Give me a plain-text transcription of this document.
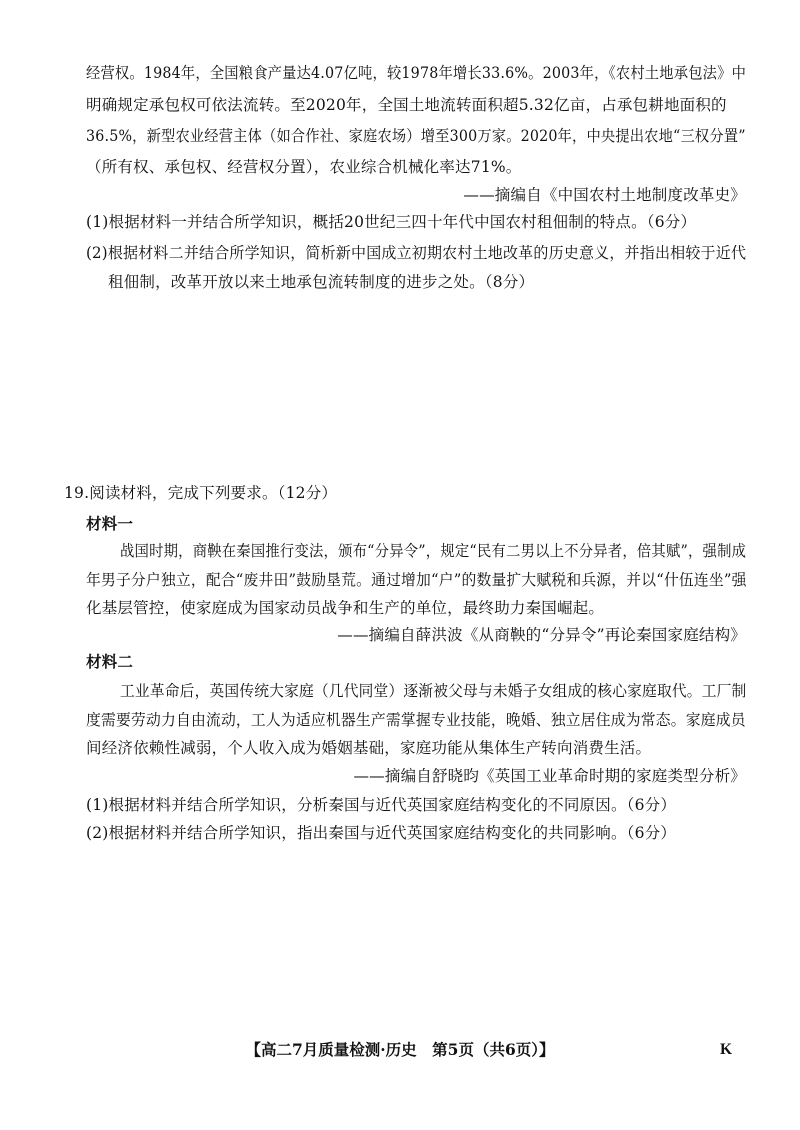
经营权。1984年，全国粮食产量达4.07亿吨，较1978年增长33.6%。2003年，《农村土地承包法》中
明确规定承包权可依法流转。至2020年，全国土地流转面积超5.32亿亩，占承包耕地面积的
36.5%，新型农业经营主体（如合作社、家庭农场）增至300万家。2020年，中央提出农地“三权分置”
（所有权、承包权、经营权分置），农业综合机械化率达71%。
——摘编自《中国农村土地制度改革史》
(1)根据材料一并结合所学知识，概括20世纪三四十年代中国农村租佃制的特点。（6分）
(2)根据材料二并结合所学知识，简析新中国成立初期农村土地改革的历史意义，并指出相较于近代
租佃制，改革开放以来土地承包流转制度的进步之处。（8分）
19.阅读材料，完成下列要求。（12分）
材料一
战国时期，商鞅在秦国推行变法，颁布“分异令”，规定“民有二男以上不分异者，倍其赋”，强制成
年男子分户独立，配合“废井田”鼓励垦荒。通过增加“户”的数量扩大赋税和兵源，并以“什伍连坐”强
化基层管控，使家庭成为国家动员战争和生产的单位，最终助力秦国崛起。
——摘编自薛洪波《从商鞅的“分异令”再论秦国家庭结构》
材料二
工业革命后，英国传统大家庭（几代同堂）逐渐被父母与未婚子女组成的核心家庭取代。工厂制
度需要劳动力自由流动，工人为适应机器生产需掌握专业技能，晚婚、独立居住成为常态。家庭成员
间经济依赖性减弱，个人收入成为婚姻基础，家庭功能从集体生产转向消费生活。
——摘编自舒晓昀《英国工业革命时期的家庭类型分析》
(1)根据材料并结合所学知识，分析秦国与近代英国家庭结构变化的不同原因。（6分）
(2)根据材料并结合所学知识，指出秦国与近代英国家庭结构变化的共同影响。（6分）
【高二7月质量检测·历史　第5页（共6页）】	K
